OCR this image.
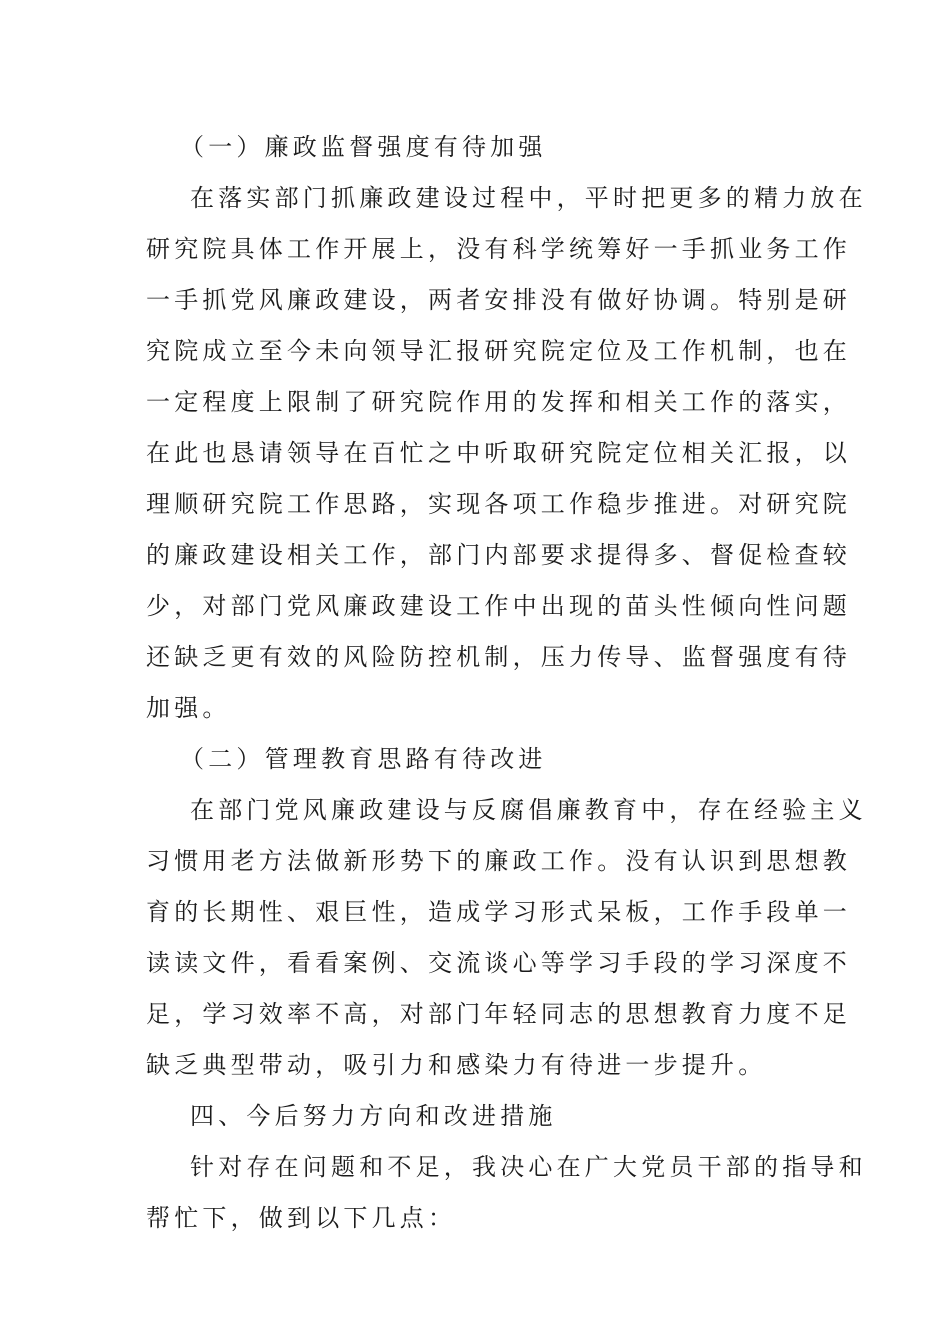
（一）廉政监督强度有待加强
在落实部门抓廉政建设过程中，平时把更多的精力放在
研究院具体工作开展上，没有科学统筹好一手抓业务工作
一手抓党风廉政建设，两者安排没有做好协调。特别是研
究院成立至今未向领导汇报研究院定位及工作机制，也在
一定程度上限制了研究院作用的发挥和相关工作的落实，
在此也恳请领导在百忙之中听取研究院定位相关汇报，以
理顺研究院工作思路，实现各项工作稳步推进。对研究院
的廉政建设相关工作，部门内部要求提得多、督促检查较
少，对部门党风廉政建设工作中出现的苗头性倾向性问题
还缺乏更有效的风险防控机制，压力传导、监督强度有待
加强。
（二）管理教育思路有待改进
在部门党风廉政建设与反腐倡廉教育中，存在经验主义
习惯用老方法做新形势下的廉政工作。没有认识到思想教
育的长期性、艰巨性，造成学习形式呆板，工作手段单一
读读文件，看看案例、交流谈心等学习手段的学习深度不
足，学习效率不高，对部门年轻同志的思想教育力度不足
缺乏典型带动，吸引力和感染力有待进一步提升。
四、今后努力方向和改进措施
针对存在问题和不足，我决心在广大党员干部的指导和
帮忙下，做到以下几点：
